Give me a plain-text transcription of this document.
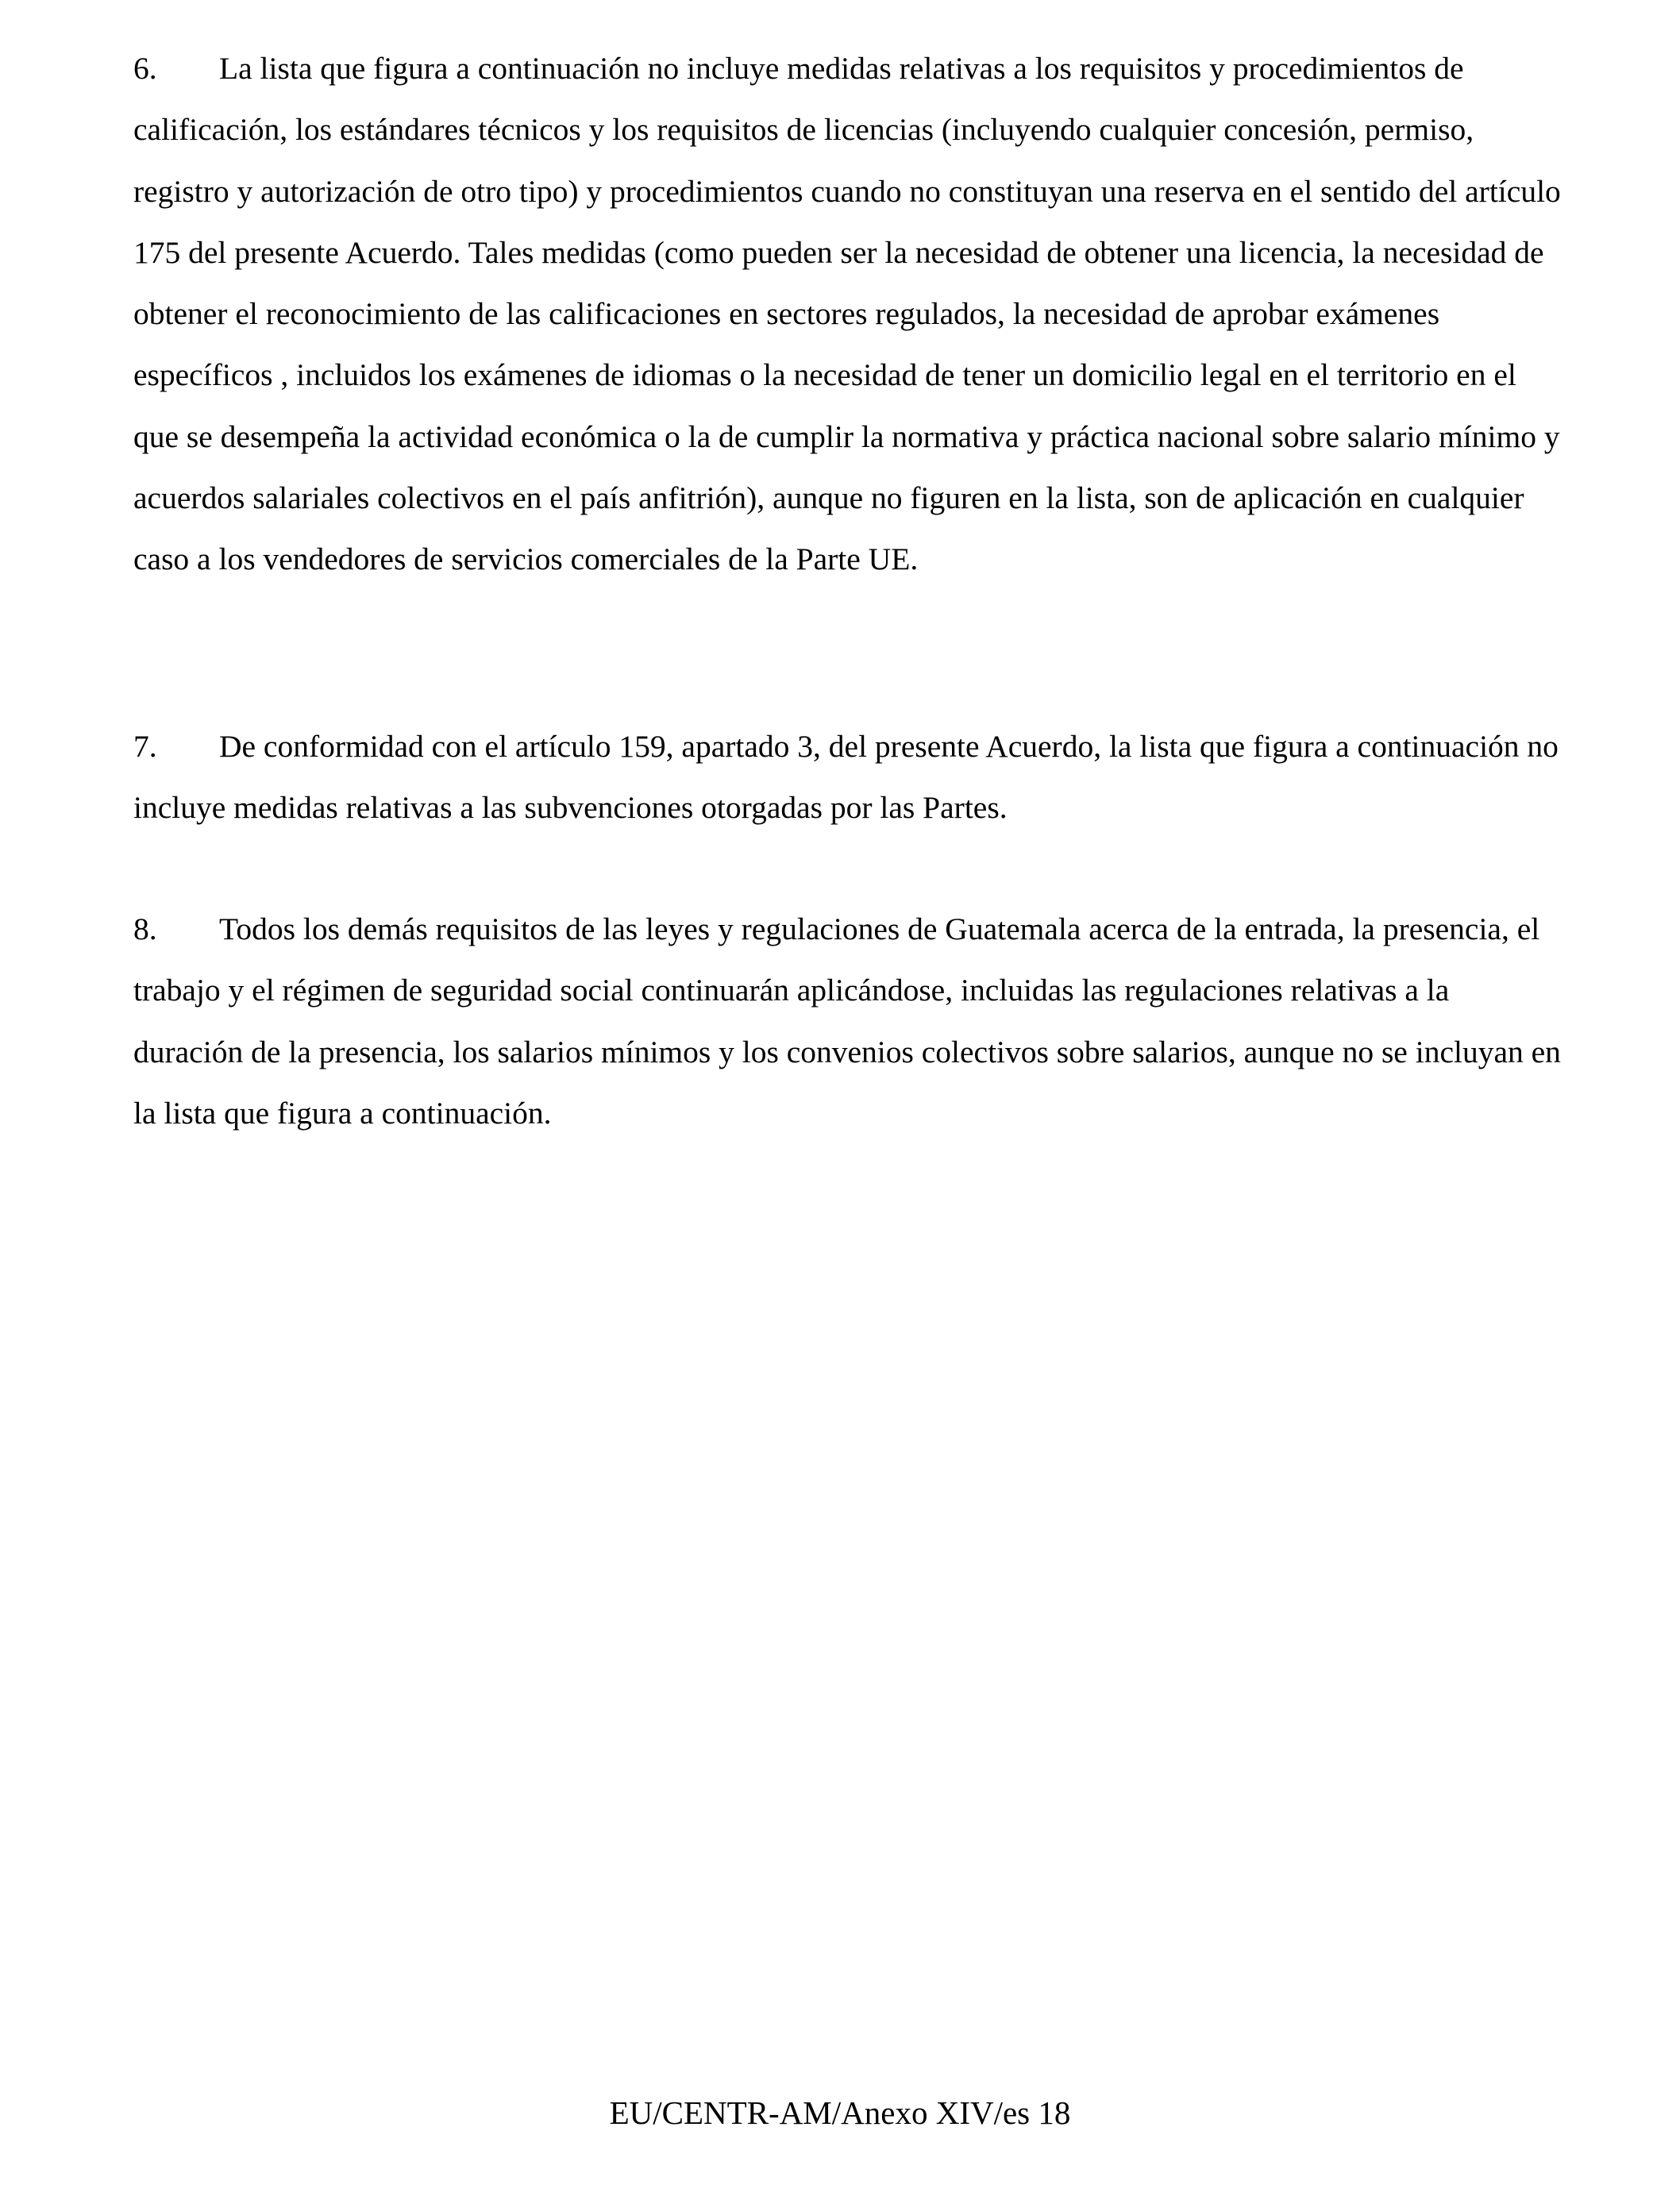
6. La lista que figura a continuación no incluye medidas relativas a los requisitos y procedimientos de calificación, los estándares técnicos y los requisitos de licencias (incluyendo cualquier concesión, permiso, registro y autorización de otro tipo) y procedimientos cuando no constituyan una reserva en el sentido del artículo 175 del presente Acuerdo. Tales medidas (como pueden ser la necesidad de obtener una licencia, la necesidad de obtener el reconocimiento de las calificaciones en sectores regulados, la necesidad de aprobar exámenes específicos , incluidos los exámenes de idiomas o la necesidad de tener un domicilio legal en el territorio en el que se desempeña la actividad económica o la de cumplir la normativa y práctica nacional sobre salario mínimo y acuerdos salariales colectivos en el país anfitrión), aunque no figuren en la lista, son de aplicación en cualquier caso a los vendedores de servicios comerciales de la Parte UE.

7. De conformidad con el artículo 159, apartado 3, del presente Acuerdo, la lista que figura a continuación no incluye medidas relativas a las subvenciones otorgadas por las Partes.

8. Todos los demás requisitos de las leyes y regulaciones de Guatemala acerca de la entrada, la presencia, el trabajo y el régimen de seguridad social continuarán aplicándose, incluidas las regulaciones relativas a la duración de la presencia, los salarios mínimos y los convenios colectivos sobre salarios, aunque no se incluyan en la lista que figura a continuación.

EU/CENTR-AM/Anexo XIV/es 18
